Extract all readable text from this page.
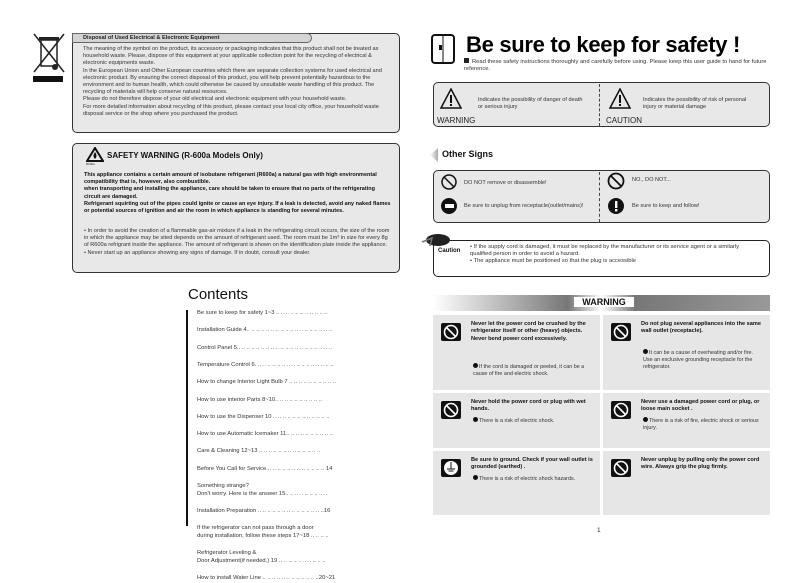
Disposal of Used Electrical & Electronic Equipment
The meaning of the symbol on the product, its accessory or packaging indicates that this product shall not be treated as household waste. Please, dispose of this equipment at your applicable collection point for the recycling of electrical & electronic equipments waste.
In the European Union and Other European countries which there are separate collection systems for used electrical and electronic product. By ensuring the correct disposal of this product, you will help prevent potentially hazardous to the environment and to human health, which could otherwise be caused by unsuitable waste handling of this product. The recycling of materials will help conserve natural resources.
Please do not therefore dispose of your old electrical and electronic equipment with your household waste.
For more detailed information about recycling of this product, please contact your local city office, your household waste disposal service or the shop where you purchased the product.
R600a
SAFETY WARNING (R-600a Models Only)
This appliance contains a certain amount of isobutane refrigerant (R600a) a natural gas with high environmental compatibility that is, however, also combustible.
when transporting and installing the appliance, care should be taken to ensure that no parts of the refrigerating circuit are damaged.
Refrigerant squirting out of the pipes could ignite or cause an eye injury. If a leak is detected, avoid any naked flames or potential sources of ignition and air the room in which appliance is standing for several minutes.
• In order to avoid the creation of a flammable gas-air mixture if a leak in the refrigerating circuit occurs, the size of the room in which the appliance may be sited depends on the amount of refrigerant used. The room must be 1m³ in size for every 8g of R600a refrigrant inside the appliance. The amount of refrigerant is shown on the identification plate inside the appliance.
• Never start up an appliance showing any signs of damage. If in doubt, consult your dealer.
Contents
Be sure to keep for safety 1~3 .. .. .. .. .. .. .. .. .. .. ..
Installation Guide 4.. .. .. .. .. .. .. .. .. .. .. .. .. .. .. .. .. ..
Control Panel 5.. .. .. .. .. .. .. .. .. .. .. .. .. .. .. .. .. .. .. ..
Temperature Control 6. .. .. .. .. .. .. .. .. .. .. .. .. .. .. .. ..
How to change Interior Light Bulb 7 .. .. .. .. .. .. .. .. .. ..
How to use interior Parts 8~10.. .. .. .. .. .. .. .. .. ..
How to use the Dispenser 10 .. .. .. .. .. .. .. .. .. .. .. ..
How to use Automatic Icemaker 11.. .. .. .. .. .. .. .. .. ..
Care & Cleaning 12~13 .. .. .. .. .. .. .. .. .. .. .. .. ..
Before You Call for Service... .. .. .. .. .. .. .. .. .. .. .. 14
Something strange?
Don't worry. Here is the answer 15.. .. .. .. .. .. .. .. ..
Installation Preparation .. .. .. .. .. .. .. .. .. .. .. .. .. ..16
If the refrigerator can not pass through a door
during installation, follow these steps 17~18 .. .. .. ..
Refrigerator Leveling &
Door Adjustment(if needed.) 19 .. .. .. .. .. .. .. .. .. ..
How to install Water Line .. .. .. .. .. .. .. .. .. .. .. ..20~21
Be sure to keep for safety !
Read these safety instructions thoroughly and carefully before using. Please keep this user guide to hand for future reference.
WARNING
Indicates the possibility of danger of death or serious injury
CAUTION
Indicates the possibility of risk of personal injury or material damage
Other Signs
DO NOT remove or disassemble!	NO., DO NOT...
Be sure to unplug from receptacle(outlet/mains)!	Be sure to keep and follow!
Caution
• If the supply cord is damaged, it must be replaced by the manufacturer or its service agent or a similarly qualified person in order to avoid a hazard.
• The appliance must be positioned so that the plug is accessible
WARNING
Never let the power cord be crushed by the refrigerator itself or other (heavy) objects. Never bend power cord excessively.
If the cord is damaged or peeled, it can be a cause of fire and electric shock.
Do not plug several appliances into the same wall outlet (receptacle).
It can be a cause of overheating and/or fire. Use an exclusive grounding receptacle for the refrigerator.
Never hold the power cord or plug with wet hands.
There is a risk of electric shock.
Never use a damaged power cord or plug, or loose main socket .
There is a risk of fire, electric shock or serious injury.
Be sure to ground. Check if your wall outlet is grounded (earthed) .
There is a risk of electric shock hazards.
Never unplug by pulling only the power cord wire. Always grip the plug firmly.
1
